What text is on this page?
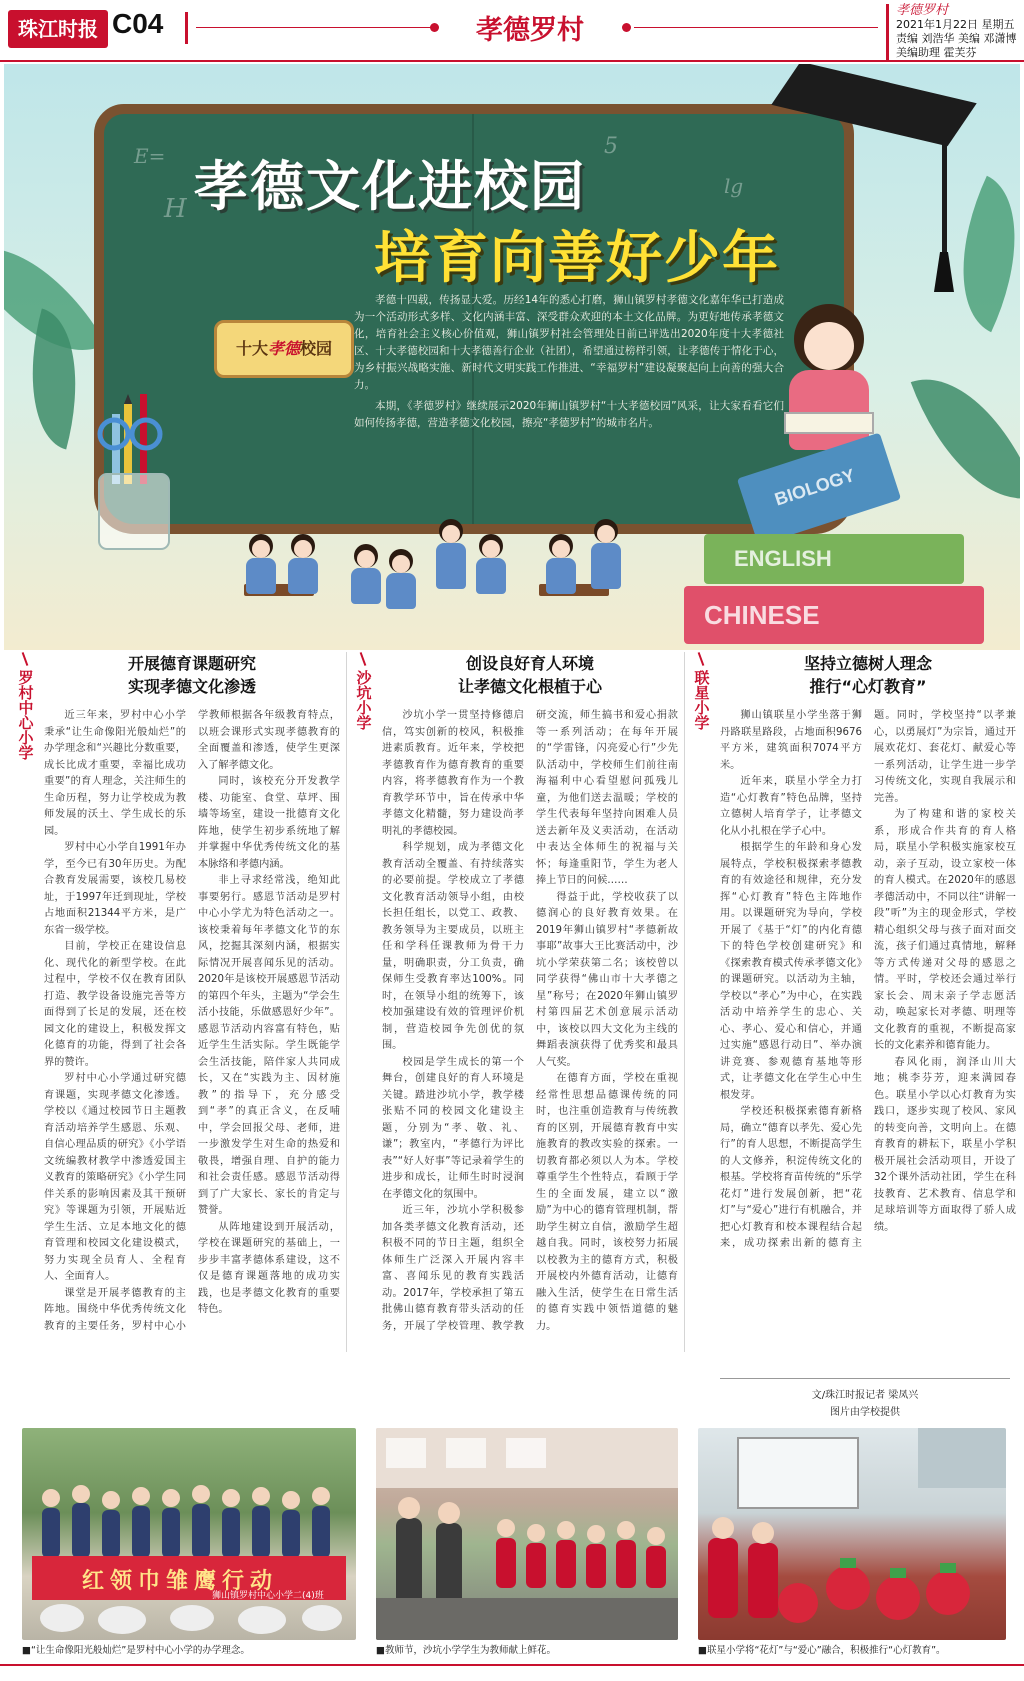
珠江时报 C04	孝德罗村
孝德罗村
2021年1月22日 星期五
责编 刘浩华 美编 邓潇博
美编助理 霍芙芬
E=
H
5
lg
孝德文化进校园
培育向善好少年
十大孝德校园

孝德十四载，传扬显大爱。历经14年的悉心打磨，狮山镇罗村孝德文化嘉年华已打造成为一个活动形式多样、文化内涵丰富、深受群众欢迎的本土文化品牌。为更好地传承孝德文化，培育社会主义核心价值观，狮山镇罗村社会管理处日前已评选出2020年度十大孝德社区、十大孝德校园和十大孝德善行企业（社团），希望通过榜样引领，让孝德传于情化于心，为乡村振兴战略实施、新时代文明实践工作推进、“幸福罗村”建设凝聚起向上向善的强大合力。

本期，《孝德罗村》继续展示2020年狮山镇罗村“十大孝德校园”风采，让大家看看它们如何传扬孝德，营造孝德文化校园，擦亮“孝德罗村”的城市名片。

BIOLOGY
ENGLISH
CHINESE
罗村中心小学
开展德育课题研究
实现孝德文化渗透

近三年来，罗村中心小学秉承“让生命像阳光般灿烂”的办学理念和“兴趣比分数重要，成长比成才重要，幸福比成功重要”的育人理念，关注师生的生命历程，努力让学校成为教师发展的沃土、学生成长的乐园。

罗村中心小学自1991年办学，至今已有30年历史。为配合教育发展需要，该校几易校址，于1997年迁到现址，学校占地面积21344平方米，是广东省一级学校。

目前，学校正在建设信息化、现代化的新型学校。在此过程中，学校不仅在教育团队打造、教学设备设施完善等方面得到了长足的发展，还在校园文化的建设上，积极发挥文化德育的功能，得到了社会各界的赞许。

罗村中心小学通过研究德育课题，实现孝德文化渗透。学校以《通过校园节日主题教育活动培养学生感恩、乐观、自信心理品质的研究》《小学语文统编教材教学中渗透爱国主义教育的策略研究》《小学生同伴关系的影响因素及其干预研究》等课题为引领，开展贴近学生生活、立足本地文化的德育管理和校园文化建设模式，努力实现全员育人、全程育人、全面育人。

课堂是开展孝德教育的主阵地。围绕中华优秀传统文化教育的主要任务，罗村中心小学教师根据各年级教育特点，以班会课形式实现孝德教育的全面覆盖和渗透，使学生更深入了解孝德文化。

同时，该校充分开发教学楼、功能室、食堂、草坪、围墙等场室，建设一批德育文化阵地，使学生初步系统地了解并掌握中华优秀传统文化的基本脉络和孝德内涵。

非上寻求经常浅，绝知此事要躬行。感恩节活动是罗村中心小学尤为特色活动之一。该校秉着每年孝德文化节的东风，挖掘其深刻内涵，根据实际情况开展喜闻乐见的活动。2020年是该校开展感恩节活动的第四个年头，主题为“学会生活小技能，乐做感恩好少年”。感恩节活动内容富有特色，贴近学生生活实际。学生既能学会生活技能，陪伴家人共同成长，又在“实践为主、因材施教”的指导下，充分感受到“孝”的真正含义，在反哺中，学会回报父母、老师，进一步激发学生对生命的热爱和敬畏，增强自理、自护的能力和社会责任感。感恩节活动得到了广大家长、家长的肯定与赞誉。

从阵地建设到开展活动，学校在课题研究的基础上，一步步丰富孝德体系建设，这不仅是德育课题落地的成功实践，也是孝德文化教育的重要特色。

沙坑小学
创设良好育人环境
让孝德文化根植于心

沙坑小学一贯坚持修德启信，笃实创新的校风，积极推进素质教育。近年来，学校把孝德教育作为德育教育的重要内容，将孝德教育作为一个教育教学环节中，旨在传承中华孝德文化精髓，努力建设尚孝明礼的孝德校园。

科学规划，成为孝德文化教育活动全覆盖、有持续落实的必要前提。学校成立了孝德文化教育活动领导小组，由校长担任组长，以党工、政教、教务领导为主要成员，以班主任和学科任课教师为骨干力量，明确职责，分工负责，确保师生受教育率达100%。同时，在领导小组的统筹下，该校加强建设有效的管理评价机制，营造校园争先创优的氛围。

校园是学生成长的第一个舞台，创建良好的育人环境是关键。踏进沙坑小学，教学楼张贴不同的校园文化建设主题，分别为“孝、敬、礼、谦”；教室内，“孝德行为评比表”“好人好事”等记录着学生的进步和成长，让师生时时浸润在孝德文化的氛围中。

近三年，沙坑小学积极参加各类孝德文化教育活动，还积极不同的节日主题，组织全体师生广泛深入开展内容丰富、喜闻乐见的教育实践活动。2017年，学校承担了第五批佛山德育教育带头活动的任务，开展了学校管理、教学教研交流，师生搞书和爱心捐款等一系列活动；在每年开展的“学雷锋，闪亮爱心行”少先队活动中，学校师生们前往南海福利中心看望慰问孤残儿童，为他们送去温暖；学校的学生代表每年坚持向困难人员送去新年及义卖活动，在活动中表达全体师生的祝福与关怀；每逢重阳节，学生为老人捧上节日的问候……

得益于此，学校收获了以德润心的良好教育效果。在2019年狮山镇罗村“孝德新故事耶”故事大王比赛活动中，沙坑小学荣获第二名；该校曾以同学获得“佛山市十大孝德之星”称号；在2020年狮山镇罗村第四届艺术创意展示活动中，该校以四大文化为主线的舞蹈表演获得了优秀奖和最具人气奖。

在德育方面，学校在重视经常性思想品德课传统的同时，也注重创造教育与传统教育的区别，开展德育教育中实施教育的教改实验的探索。一切教育都必须以人为本。学校尊重学生个性特点，看顾于学生的全面发展，建立以“激励”为中心的德育管理机制，帮助学生树立自信，激励学生超越自我。同时，该校努力拓展以校教为主的德育方式，积极开展校内外德育活动，让德育融入生活，使学生在日常生活的德育实践中领悟道德的魅力。

联星小学
坚持立德树人理念
推行“心灯教育”

狮山镇联星小学坐落于狮丹路联星路段，占地面积9676平方米，建筑面积7074平方米。

近年来，联星小学全力打造“心灯教育”特色品牌，坚持立德树人培育学子，让孝德文化从小扎根在学子心中。

根据学生的年龄和身心发展特点，学校积极探索孝德教育的有效途径和规律，充分发挥“心灯教育”特色主阵地作用。以课题研究为导向，学校开展了《基于“灯”的内化育德下的特色学校创建研究》和《探索教育模式传承孝德文化》的课题研究。以活动为主轴，学校以“孝心”为中心，在实践活动中培养学生的忠心、关心、孝心、爱心和信心，并通过实施“感恩行动日”、举办演讲竞赛、参观德育基地等形式，让孝德文化在学生心中生根发芽。

学校还积极探索德育新格局，确立“德育以孝先、爱心先行”的育人思想，不断提高学生的人文修养，积淀传统文化的根基。学校将育苗传统的“乐学花灯”进行发展创新，把“花灯”与“爱心”进行有机融合，并把心灯教育和校本课程结合起来，成功探索出新的德育主题。同时，学校坚持“以孝兼心，以勇展灯”为宗旨，通过开展欢花灯、套花灯、献爱心等一系列活动，让学生进一步学习传统文化，实现自我展示和完善。

为了构建和谐的家校关系，形成合作共育的育人格局，联星小学积极实施家校互动，亲子互动，设立家校一体的育人模式。在2020年的感恩孝德活动中，不同以往“讲解一段”听”为主的现金形式，学校精心组织父母与孩子面对面交流，孩子们通过真情地，解释等方式传递对父母的感恩之情。平时，学校还会通过举行家长会、周末亲子学志愿活动，唤起家长对孝德、明理等文化教育的重视，不断提高家长的文化素养和德育能力。

春风化雨，润泽山川大地；桃李芬芳，迎来满园春色。联星小学以心灯教育为实践口，逐步实现了校风、家风的转变向善，文明向上。在德育教育的耕耘下，联星小学积极开展社会活动项目，开设了32个课外活动社团，学生在科技教育、艺术教育、信息学和足球培训等方面取得了骄人成绩。

文/珠江时报记者 梁凤兴
图片由学校提供
红领巾雏鹰行动
狮山镇罗村中心小学二(4)班
■“让生命像阳光般灿烂”是罗村中心小学的办学理念。	■教师节，沙坑小学学生为教师献上鲜花。	■联星小学将“花灯”与“爱心”融合，积极推行“心灯教育”。
